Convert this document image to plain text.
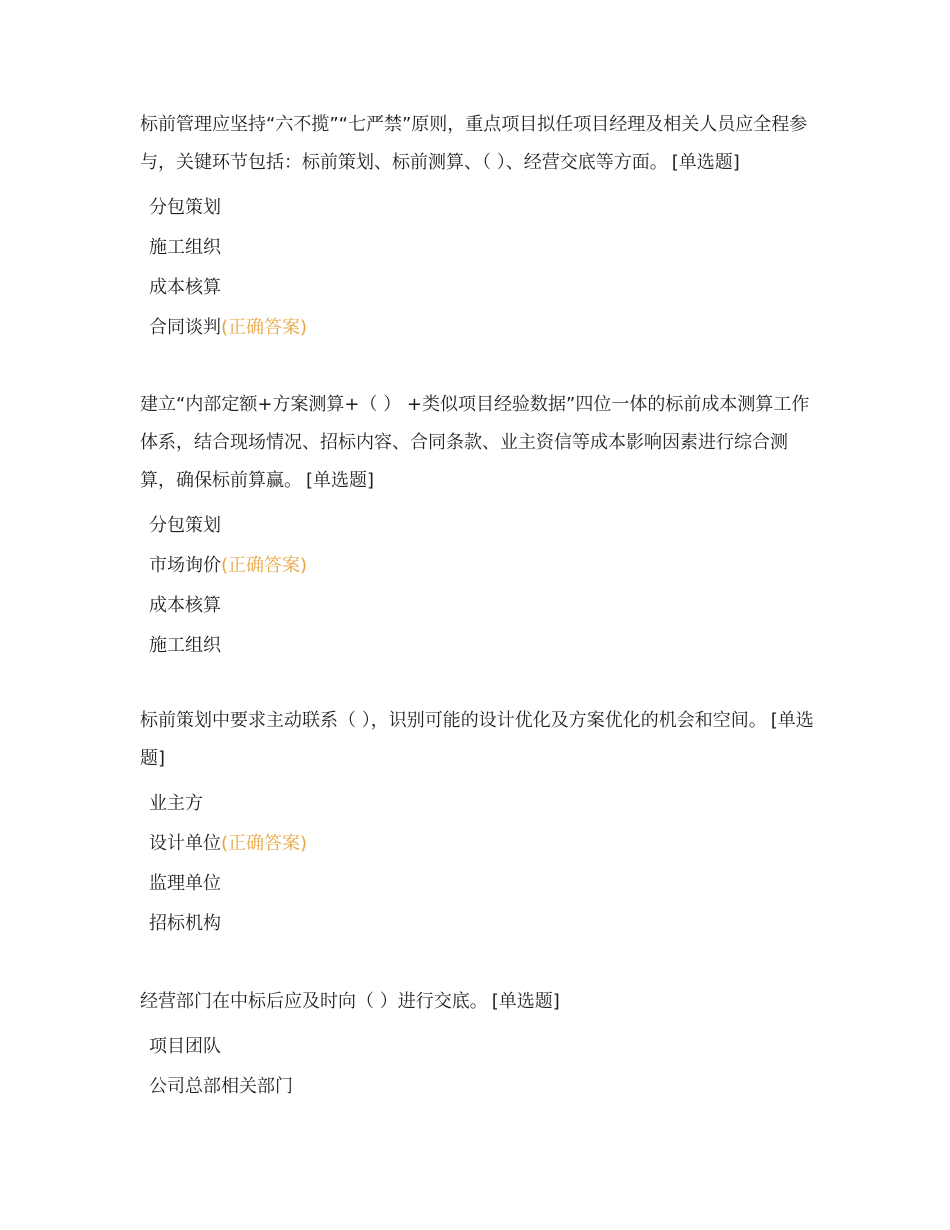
标前管理应坚持“六不揽”“七严禁”原则，重点项目拟任项目经理及相关人员应全程参与，关键环节包括：标前策划、标前测算、（ ）、经营交底等方面。 [单选题]

分包策划
施工组织
成本核算
合同谈判(正确答案)

建立“内部定额+方案测算+（ ） +类似项目经验数据”四位一体的标前成本测算工作体系，结合现场情况、招标内容、合同条款、业主资信等成本影响因素进行综合测算，确保标前算赢。 [单选题]

分包策划
市场询价(正确答案)
成本核算
施工组织

标前策划中要求主动联系（ ），识别可能的设计优化及方案优化的机会和空间。 [单选题]

业主方
设计单位(正确答案)
监理单位
招标机构

经营部门在中标后应及时向（ ）进行交底。 [单选题]

项目团队
公司总部相关部门
